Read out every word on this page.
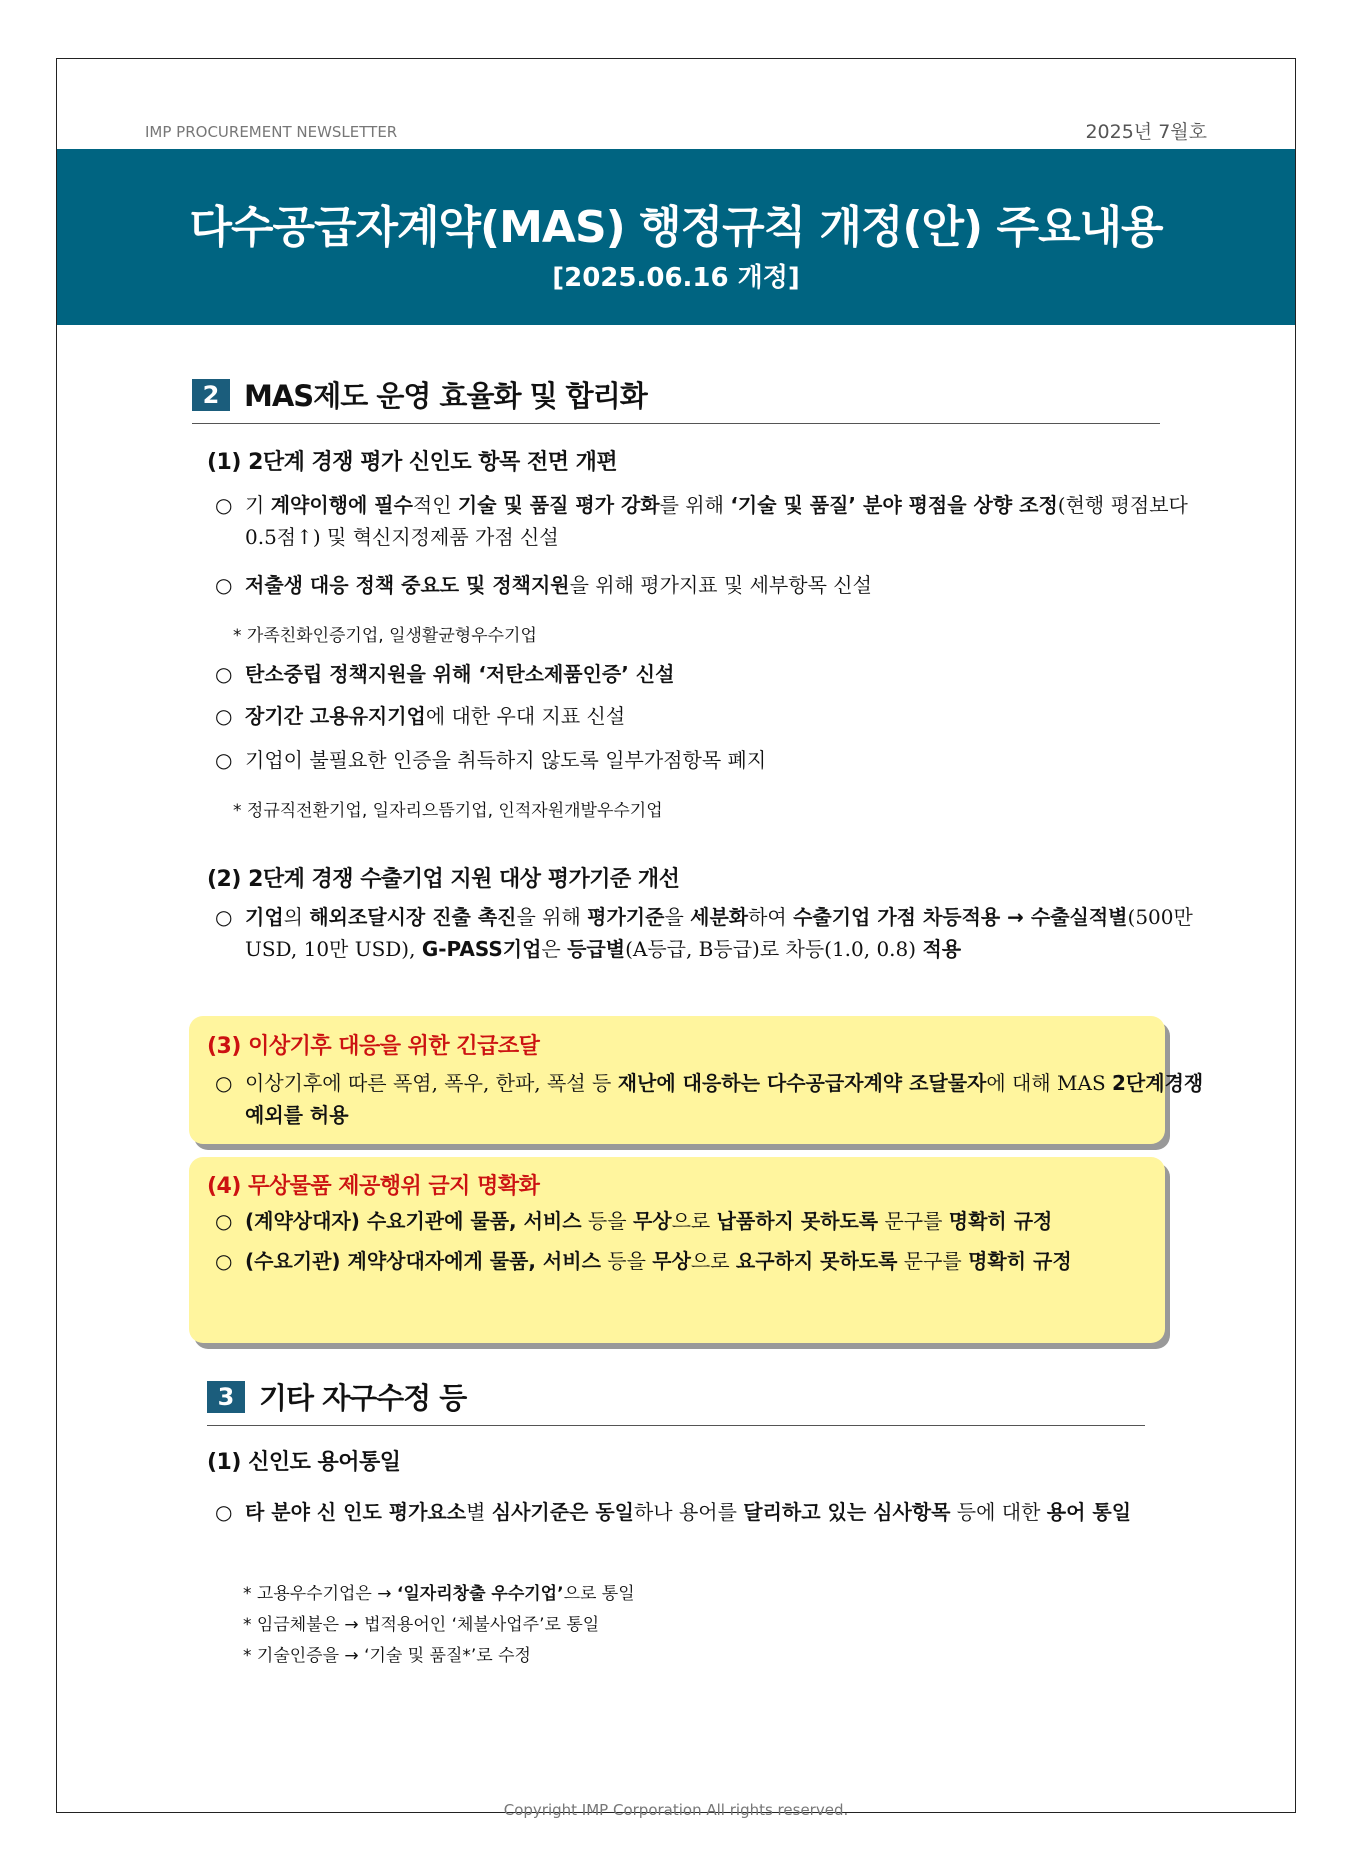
IMP PROCUREMENT NEWSLETTER	2025년 7월호
다수공급자계약(MAS) 행정규칙 개정(안) 주요내용
[2025.06.16 개정]
2 MAS제도 운영 효율화 및 합리화
(1) 2단계 경쟁 평가 신인도 항목 전면 개편
○ 기 계약이행에 필수적인 기술 및 품질 평가 강화를 위해 ‘기술 및 품질’ 분야 평점을 상향 조정(현행 평점보다 0.5점↑) 및 혁신지정제품 가점 신설
○ 저출생 대응 정책 중요도 및 정책지원을 위해 평가지표 및 세부항목 신설
* 가족친화인증기업, 일생활균형우수기업
○ 탄소중립 정책지원을 위해 ‘저탄소제품인증’ 신설
○ 장기간 고용유지기업에 대한 우대 지표 신설
○ 기업이 불필요한 인증을 취득하지 않도록 일부가점항목 폐지
* 정규직전환기업, 일자리으뜸기업, 인적자원개발우수기업
(2) 2단계 경쟁 수출기업 지원 대상 평가기준 개선
○ 기업의 해외조달시장 진출 촉진을 위해 평가기준을 세분화하여 수출기업 가점 차등적용 → 수출실적별(500만 USD, 10만 USD), G-PASS기업은 등급별(A등급, B등급)로 차등(1.0, 0.8) 적용
(3) 이상기후 대응을 위한 긴급조달
○ 이상기후에 따른 폭염, 폭우, 한파, 폭설 등 재난에 대응하는 다수공급자계약 조달물자에 대해 MAS 2단계경쟁 예외를 허용
(4) 무상물품 제공행위 금지 명확화
○ (계약상대자) 수요기관에 물품, 서비스 등을 무상으로 납품하지 못하도록 문구를 명확히 규정
○ (수요기관) 계약상대자에게 물품, 서비스 등을 무상으로 요구하지 못하도록 문구를 명확히 규정
3 기타 자구수정 등
(1) 신인도 용어통일
○ 타 분야 신 인도 평가요소별 심사기준은 동일하나 용어를 달리하고 있는 심사항목 등에 대한 용어 통일
* 고용우수기업은 → ‘일자리창출 우수기업’으로 통일
* 임금체불은 → 법적용어인 ‘체불사업주’로 통일
* 기술인증을 → ‘기술 및 품질*’로 수정
Copyright IMP Corporation All rights reserved.
